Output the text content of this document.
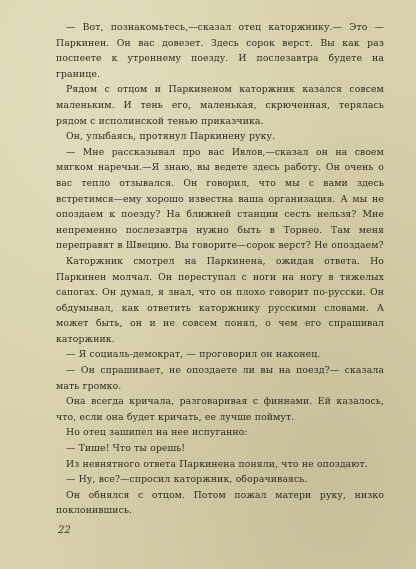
— Вот, познакомьтесь,—сказал отец каторжнику.— Это — Паркинен. Он вас довезет. Здесь сорок верст. Вы как раз поспеете к утреннему поезду. И послезавтра будете на границе.

Рядом с отцом и Паркиненом каторжник казался совсем маленьким. И тень его, маленькая, скрюченная, терялась рядом с исполинской тенью приказчика.

Он, улыбаясь, протянул Паркинену руку.

— Мне рассказывал про вас Ивлов,—сказал он на своем мягком наречьи.—Я знаю, вы ведете здесь работу. Он очень о вас тепло отзывался. Он говорил, что мы с вами здесь встретимся—ему хорошо известна ваша организация. А мы не опоздаем к поезду? На ближней станции сесть нельзя? Мне непременно послезавтра нужно быть в Торнео. Там меня переправят в Швецию. Вы говорите—сорок верст? Не опоздаем?

Каторжник смотрел на Паркинена, ожидая ответа. Но Паркинен молчал. Он переступал с ноги на ногу в тяжелых сапогах. Он думал, я знал, что он плохо говорит по-русски. Он обдумывал, как ответить каторжнику русскими словами. А может быть, он и не совсем понял, о чем его спрашивал каторжник.

— Я социаль-демократ, — проговорил он наконец.

— Он спрашивает, не опоздаете ли вы на поезд?— сказала мать громко.

Она всегда кричала, разговаривая с финнами. Ей казалось, что, если она будет кричать, ее лучше поймут.

Но отец зашипел на нее испуганно:

— Тише! Что ты орешь!

Из невнятного ответа Паркинена поняли, что не опоздают.

— Ну, все?—спросил каторжник, оборачиваясь.

Он обнялся с отцом. Потом пожал матери руку, низко поклонившись.

22
